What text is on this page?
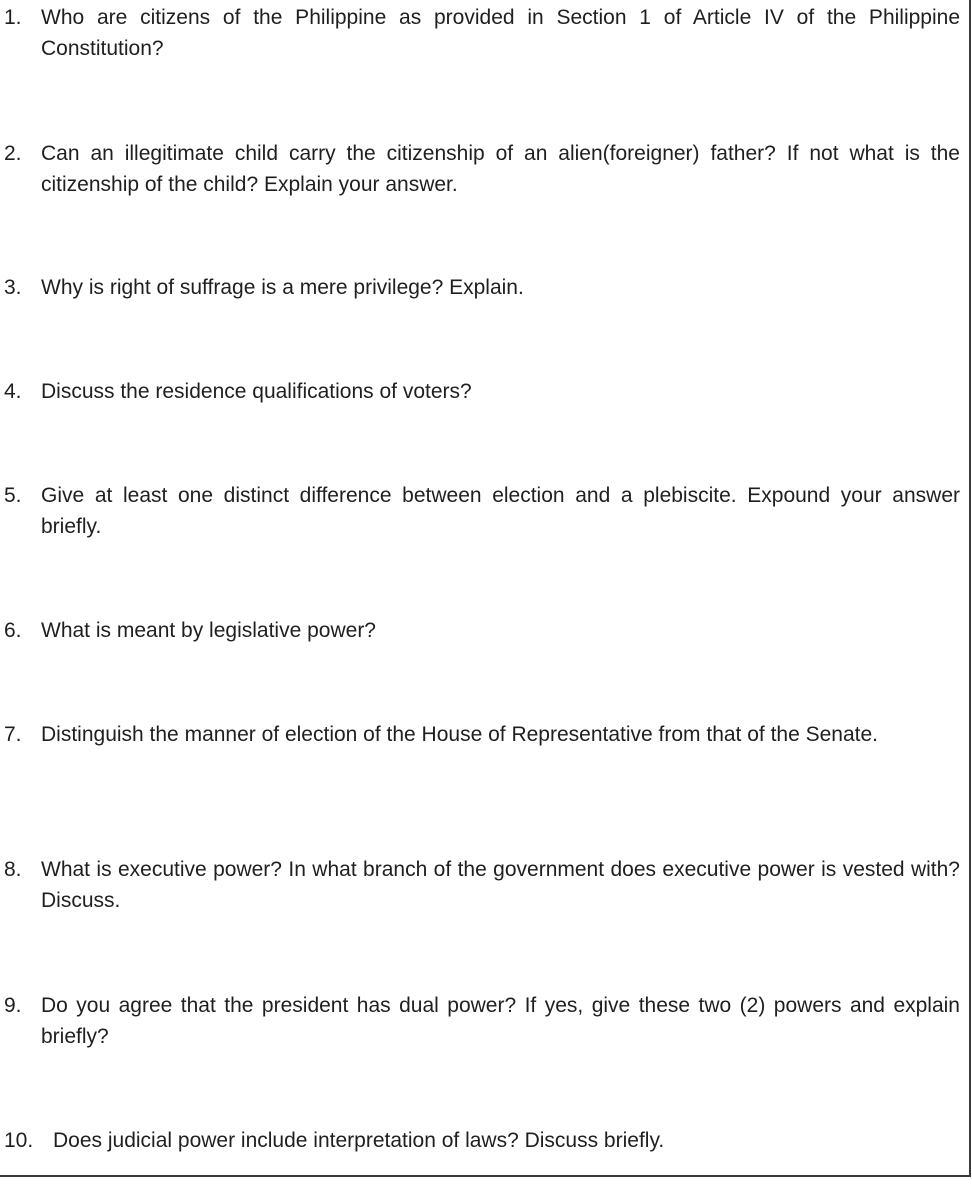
1. Who are citizens of the Philippine as provided in Section 1 of Article IV of the Philippine Constitution?
2. Can an illegitimate child carry the citizenship of an alien(foreigner) father? If not what is the citizenship of the child? Explain your answer.
3. Why is right of suffrage is a mere privilege? Explain.
4. Discuss the residence qualifications of voters?
5. Give at least one distinct difference between election and a plebiscite. Expound your answer briefly.
6. What is meant by legislative power?
7. Distinguish the manner of election of the House of Representative from that of the Senate.
8. What is executive power? In what branch of the government does executive power is vested with? Discuss.
9. Do you agree that the president has dual power? If yes, give these two (2) powers and explain briefly?
10. Does judicial power include interpretation of laws? Discuss briefly.
